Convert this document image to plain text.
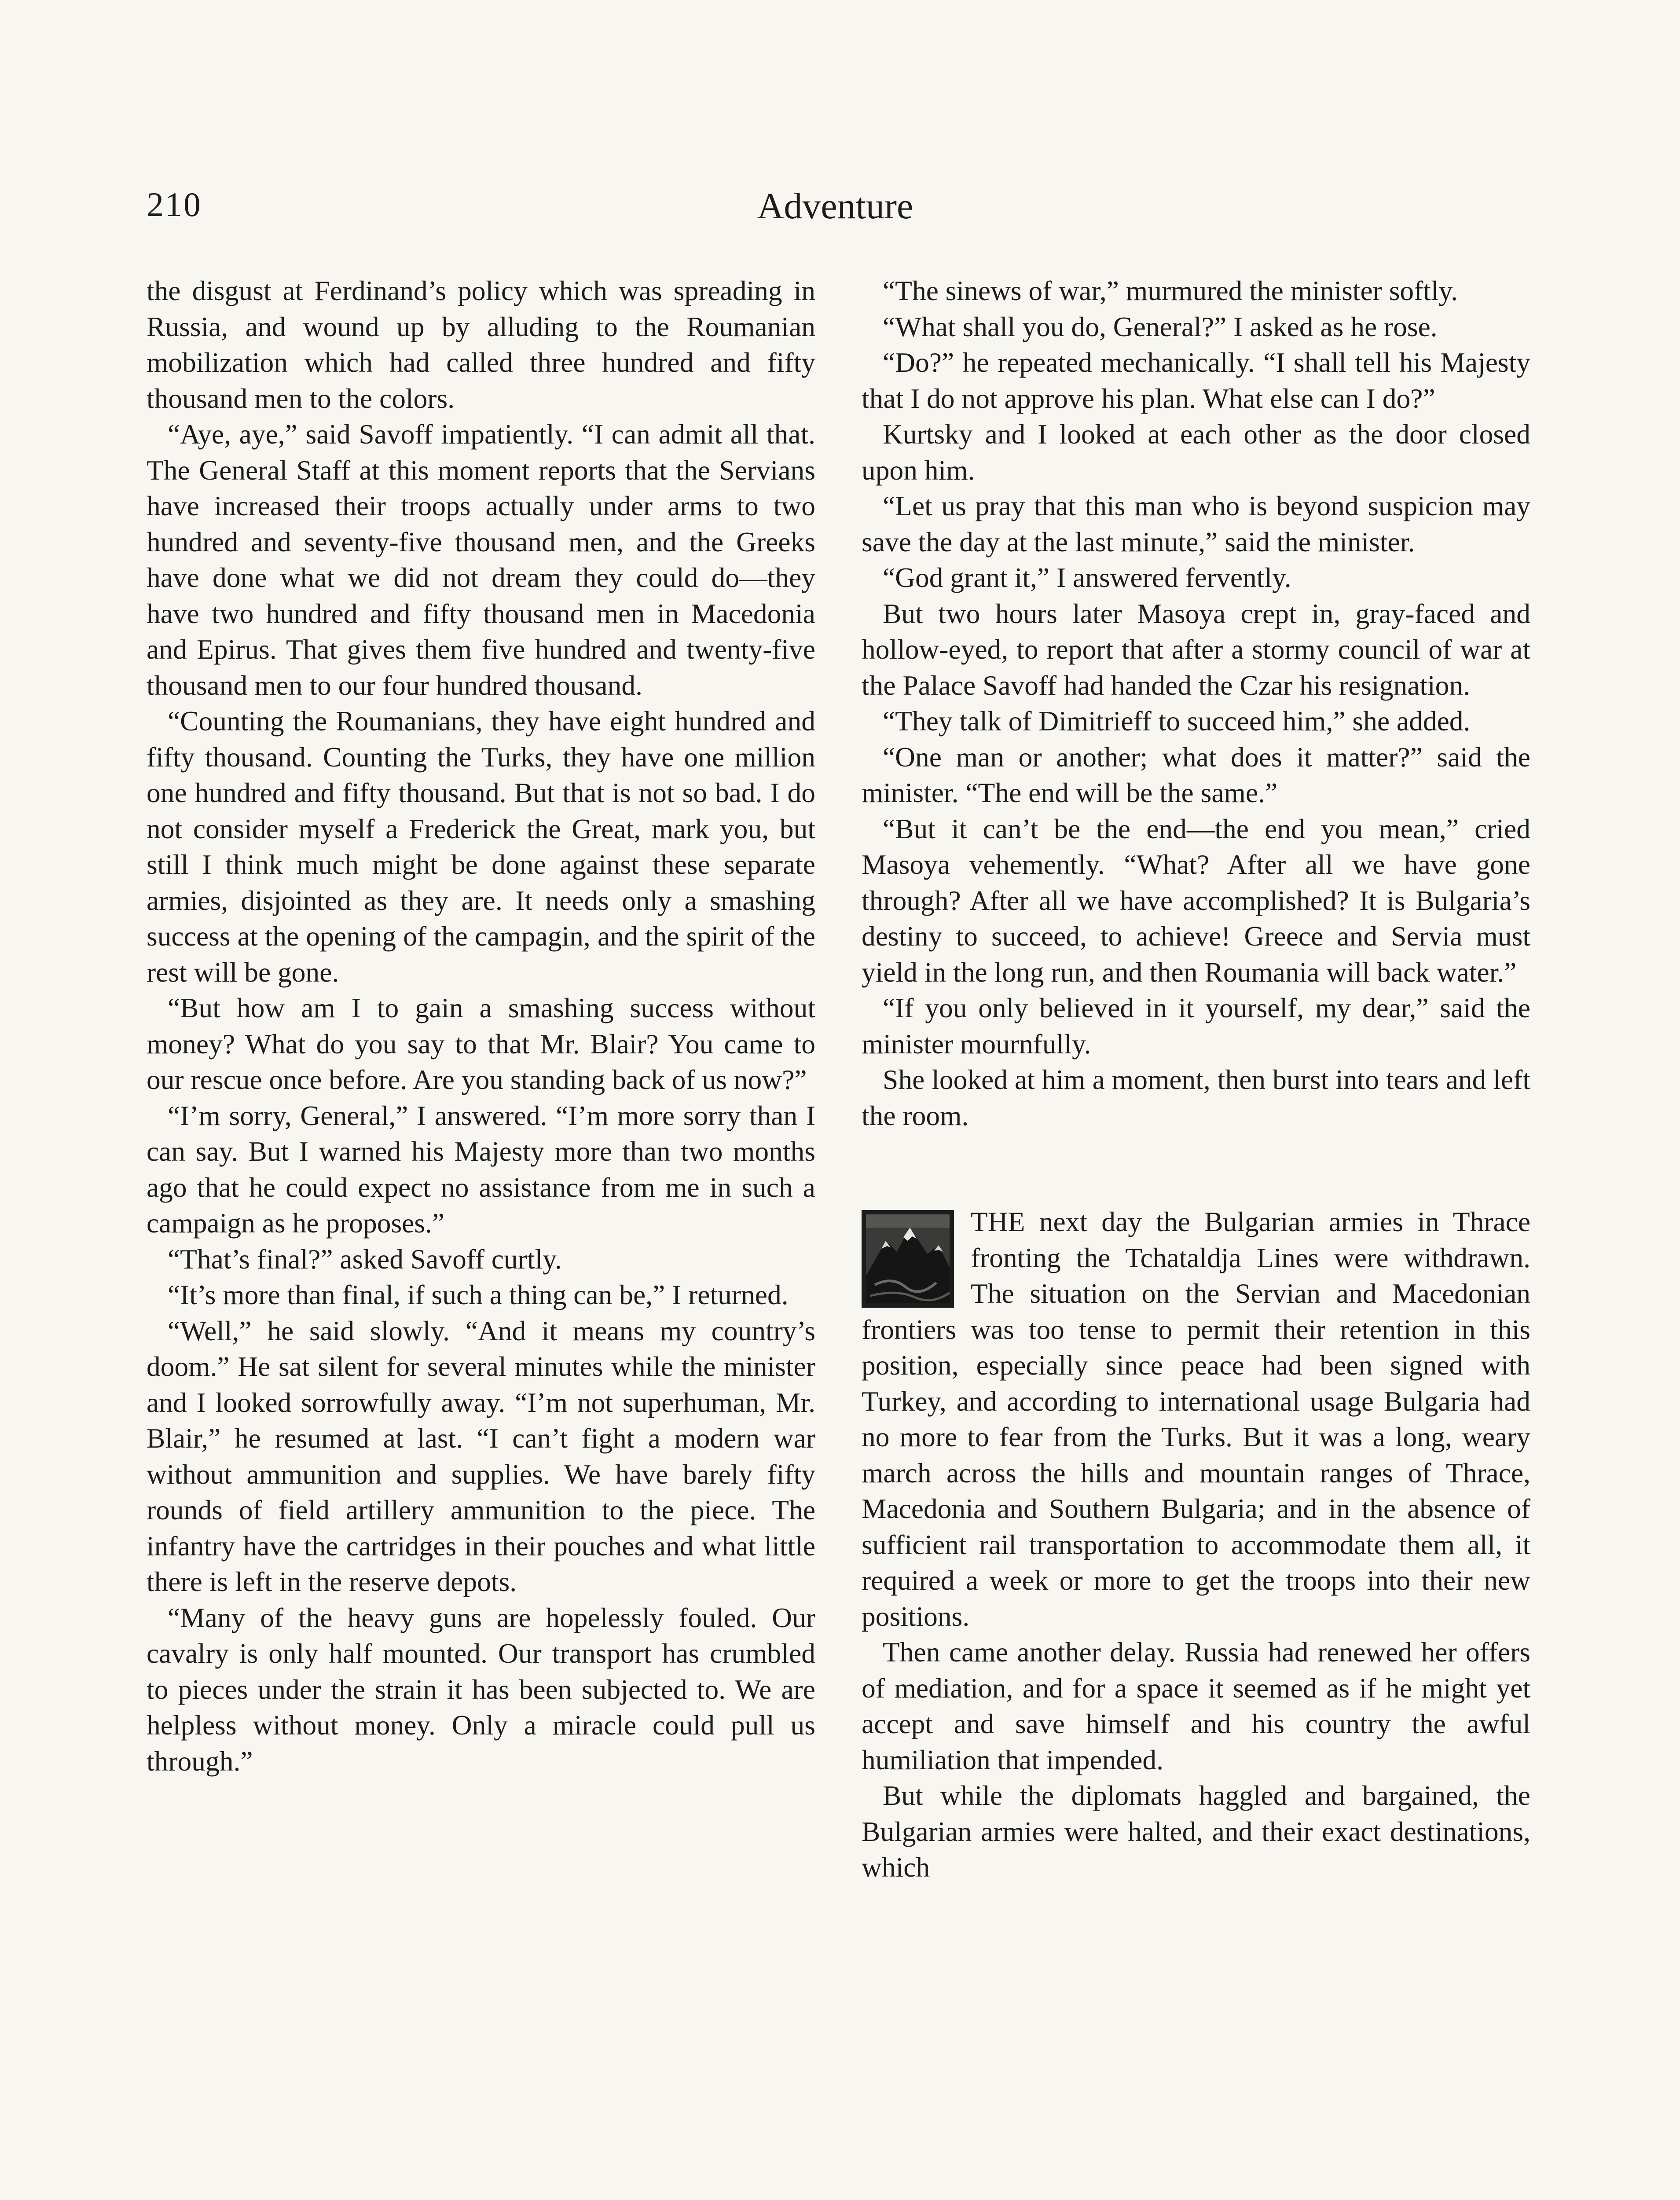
210	Adventure

the disgust at Ferdinand’s policy which was spreading in Russia, and wound up by alluding to the Roumanian mobilization which had called three hundred and fifty thousand men to the colors.

“Aye, aye,” said Savoff impatiently. “I can admit all that. The General Staff at this moment reports that the Servians have increased their troops actually under arms to two hundred and seventy-five thousand men, and the Greeks have done what we did not dream they could do—they have two hundred and fifty thousand men in Macedonia and Epirus. That gives them five hundred and twenty-five thousand men to our four hundred thousand.

“Counting the Roumanians, they have eight hundred and fifty thousand. Counting the Turks, they have one million one hundred and fifty thousand. But that is not so bad. I do not consider myself a Frederick the Great, mark you, but still I think much might be done against these separate armies, disjointed as they are. It needs only a smashing success at the opening of the campagin, and the spirit of the rest will be gone.

“But how am I to gain a smashing success without money? What do you say to that Mr. Blair? You came to our rescue once before. Are you standing back of us now?”

“I’m sorry, General,” I answered. “I’m more sorry than I can say. But I warned his Majesty more than two months ago that he could expect no assistance from me in such a campaign as he proposes.”

“That’s final?” asked Savoff curtly.

“It’s more than final, if such a thing can be,” I returned.

“Well,” he said slowly. “And it means my country’s doom.” He sat silent for several minutes while the minister and I looked sorrowfully away. “I’m not superhuman, Mr. Blair,” he resumed at last. “I can’t fight a modern war without ammunition and supplies. We have barely fifty rounds of field artillery ammunition to the piece. The infantry have the cartridges in their pouches and what little there is left in the reserve depots.

“Many of the heavy guns are hopelessly fouled. Our cavalry is only half mounted. Our transport has crumbled to pieces under the strain it has been subjected to. We are helpless without money. Only a miracle could pull us through.”

“The sinews of war,” murmured the minister softly.

“What shall you do, General?” I asked as he rose.

“Do?” he repeated mechanically. “I shall tell his Majesty that I do not approve his plan. What else can I do?”

Kurtsky and I looked at each other as the door closed upon him.

“Let us pray that this man who is beyond suspicion may save the day at the last minute,” said the minister.

“God grant it,” I answered fervently.

But two hours later Masoya crept in, gray-faced and hollow-eyed, to report that after a stormy council of war at the Palace Savoff had handed the Czar his resignation.

“They talk of Dimitrieff to succeed him,” she added.

“One man or another; what does it matter?” said the minister. “The end will be the same.”

“But it can’t be the end—the end you mean,” cried Masoya vehemently. “What? After all we have gone through? After all we have accomplished? It is Bulgaria’s destiny to succeed, to achieve! Greece and Servia must yield in the long run, and then Roumania will back water.”

“If you only believed in it yourself, my dear,” said the minister mournfully.

She looked at him a moment, then burst into tears and left the room.

THE next day the Bulgarian armies in Thrace fronting the Tchataldja Lines were withdrawn. The situation on the Servian and Macedonian frontiers was too tense to permit their retention in this position, especially since peace had been signed with Turkey, and according to international usage Bulgaria had no more to fear from the Turks. But it was a long, weary march across the hills and mountain ranges of Thrace, Macedonia and Southern Bulgaria; and in the absence of sufficient rail transportation to accommodate them all, it required a week or more to get the troops into their new positions.

Then came another delay. Russia had renewed her offers of mediation, and for a space it seemed as if he might yet accept and save himself and his country the awful humiliation that impended.

But while the diplomats haggled and bargained, the Bulgarian armies were halted, and their exact destinations, which
